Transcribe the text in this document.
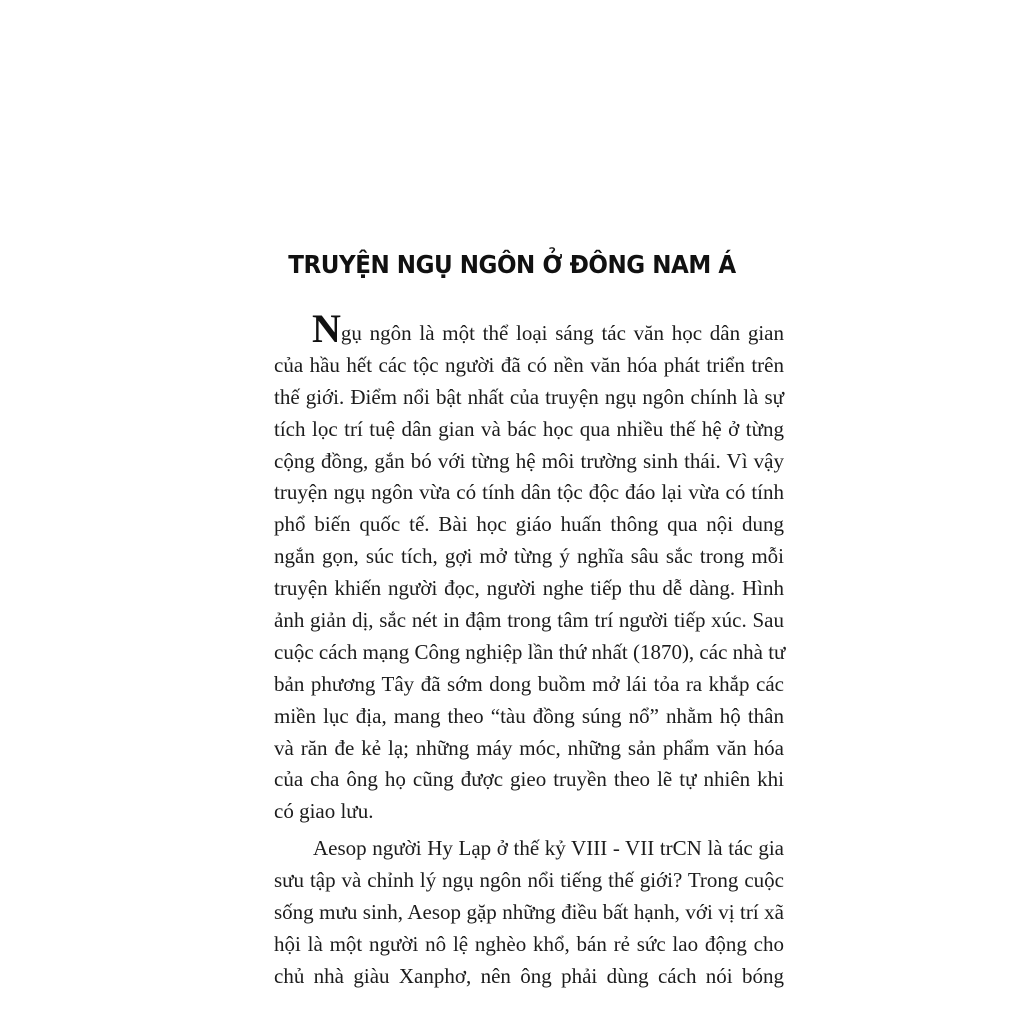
TRUYỆN NGỤ NGÔN Ở ĐÔNG NAM Á
Ngụ ngôn là một thể loại sáng tác văn học dân gian
của hầu hết các tộc người đã có nền văn hóa phát triển trên
thế giới. Điểm nổi bật nhất của truyện ngụ ngôn chính là sự
tích lọc trí tuệ dân gian và bác học qua nhiều thế hệ ở từng
cộng đồng, gắn bó với từng hệ môi trường sinh thái. Vì vậy
truyện ngụ ngôn vừa có tính dân tộc độc đáo lại vừa có tính
phổ biến quốc tế. Bài học giáo huấn thông qua nội dung
ngắn gọn, súc tích, gợi mở từng ý nghĩa sâu sắc trong mỗi
truyện khiến người đọc, người nghe tiếp thu dễ dàng. Hình
ảnh giản dị, sắc nét in đậm trong tâm trí người tiếp xúc. Sau
cuộc cách mạng Công nghiệp lần thứ nhất (1870), các nhà tư
bản phương Tây đã sớm dong buồm mở lái tỏa ra khắp các
miền lục địa, mang theo “tàu đồng súng nổ” nhằm hộ thân
và răn đe kẻ lạ; những máy móc, những sản phẩm văn hóa
của cha ông họ cũng được gieo truyền theo lẽ tự nhiên khi
có giao lưu.
Aesop người Hy Lạp ở thế kỷ VIII - VII trCN là tác gia
sưu tập và chỉnh lý ngụ ngôn nổi tiếng thế giới? Trong cuộc
sống mưu sinh, Aesop gặp những điều bất hạnh, với vị trí xã
hội là một người nô lệ nghèo khổ, bán rẻ sức lao động cho
chủ nhà giàu Xanphơ, nên ông phải dùng cách nói bóng
